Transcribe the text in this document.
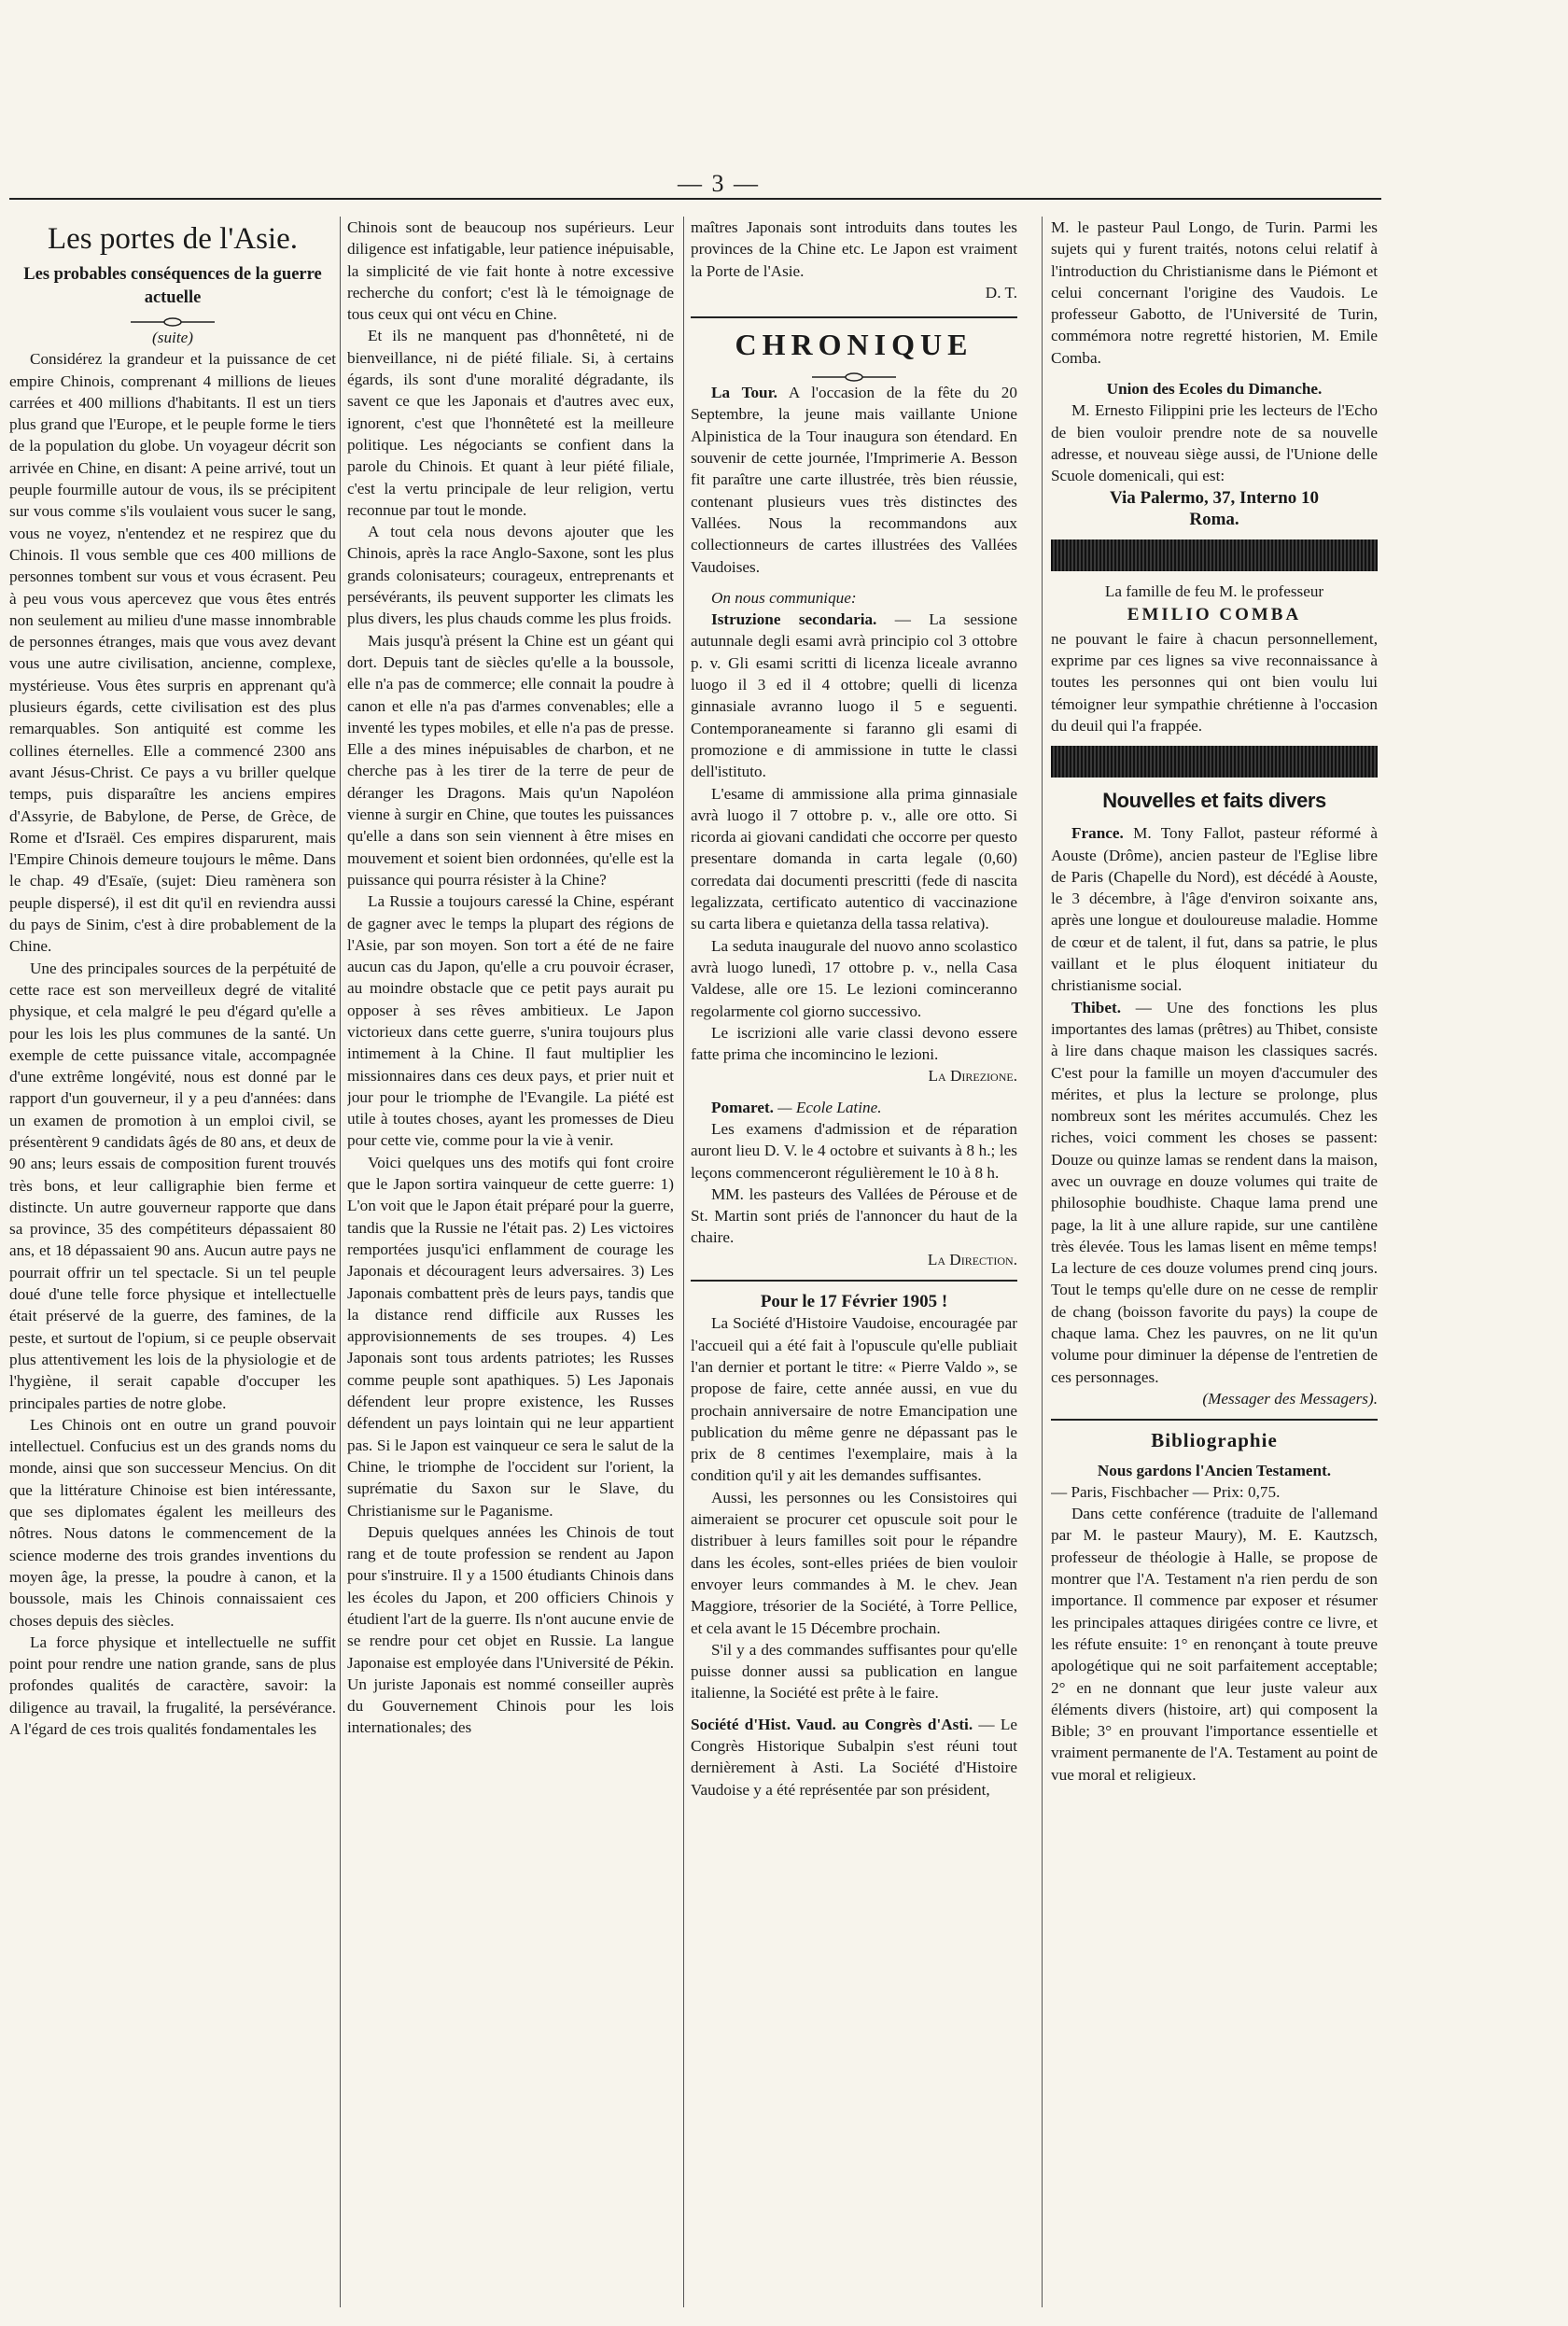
— 3 —

Les portes de l'Asie.

Les probables conséquences de la guerre actuelle

(suite)

Considérez la grandeur et la puissance de cet empire Chinois, comprenant 4 millions de lieues carrées et 400 millions d'habitants. Il est un tiers plus grand que l'Europe, et le peuple forme le tiers de la population du globe. Un voyageur décrit son arrivée en Chine, en disant: A peine arrivé, tout un peuple fourmille autour de vous, ils se précipitent sur vous comme s'ils voulaient vous sucer le sang, vous ne voyez, n'entendez et ne respirez que du Chinois. Il vous semble que ces 400 millions de personnes tombent sur vous et vous écrasent. Peu à peu vous vous apercevez que vous êtes entrés non seulement au milieu d'une masse innombrable de personnes étranges, mais que vous avez devant vous une autre civilisation, ancienne, complexe, mystérieuse. Vous êtes surpris en apprenant qu'à plusieurs égards, cette civilisation est des plus remarquables. Son antiquité est comme les collines éternelles. Elle a commencé 2300 ans avant Jésus-Christ. Ce pays a vu briller quelque temps, puis disparaître les anciens empires d'Assyrie, de Babylone, de Perse, de Grèce, de Rome et d'Israël. Ces empires disparurent, mais l'Empire Chinois demeure toujours le même. Dans le chap. 49 d'Esaïe, (sujet: Dieu ramènera son peuple dispersé), il est dit qu'il en reviendra aussi du pays de Sinim, c'est à dire probablement de la Chine.

Une des principales sources de la perpétuité de cette race est son merveilleux degré de vitalité physique, et cela malgré le peu d'égard qu'elle a pour les lois les plus communes de la santé. Un exemple de cette puissance vitale, accompagnée d'une extrême longévité, nous est donné par le rapport d'un gouverneur, il y a peu d'années: dans un examen de promotion à un emploi civil, se présentèrent 9 candidats âgés de 80 ans, et deux de 90 ans; leurs essais de composition furent trouvés très bons, et leur calligraphie bien ferme et distincte. Un autre gouverneur rapporte que dans sa province, 35 des compétiteurs dépassaient 80 ans, et 18 dépassaient 90 ans. Aucun autre pays ne pourrait offrir un tel spectacle. Si un tel peuple doué d'une telle force physique et intellectuelle était préservé de la guerre, des famines, de la peste, et surtout de l'opium, si ce peuple observait plus attentivement les lois de la physiologie et de l'hygiène, il serait capable d'occuper les principales parties de notre globe.

Les Chinois ont en outre un grand pouvoir intellectuel. Confucius est un des grands noms du monde, ainsi que son successeur Mencius. On dit que la littérature Chinoise est bien intéressante, que ses diplomates égalent les meilleurs des nôtres. Nous datons le commencement de la science moderne des trois grandes inventions du moyen âge, la presse, la poudre à canon, et la boussole, mais les Chinois connaissaient ces choses depuis des siècles.

La force physique et intellectuelle ne suffit point pour rendre une nation grande, sans de plus profondes qualités de caractère, savoir: la diligence au travail, la frugalité, la persévérance. A l'égard de ces trois qualités fondamentales les

Chinois sont de beaucoup nos supérieurs. Leur diligence est infatigable, leur patience inépuisable, la simplicité de vie fait honte à notre excessive recherche du confort; c'est là le témoignage de tous ceux qui ont vécu en Chine.

Et ils ne manquent pas d'honnêteté, ni de bienveillance, ni de piété filiale. Si, à certains égards, ils sont d'une moralité dégradante, ils savent ce que les Japonais et d'autres avec eux, ignorent, c'est que l'honnêteté est la meilleure politique. Les négociants se confient dans la parole du Chinois. Et quant à leur piété filiale, c'est la vertu principale de leur religion, vertu reconnue par tout le monde.

A tout cela nous devons ajouter que les Chinois, après la race Anglo-Saxone, sont les plus grands colonisateurs; courageux, entreprenants et persévérants, ils peuvent supporter les climats les plus divers, les plus chauds comme les plus froids.

Mais jusqu'à présent la Chine est un géant qui dort. Depuis tant de siècles qu'elle a la boussole, elle n'a pas de commerce; elle connait la poudre à canon et elle n'a pas d'armes convenables; elle a inventé les types mobiles, et elle n'a pas de presse. Elle a des mines inépuisables de charbon, et ne cherche pas à les tirer de la terre de peur de déranger les Dragons. Mais qu'un Napoléon vienne à surgir en Chine, que toutes les puissances qu'elle a dans son sein viennent à être mises en mouvement et soient bien ordonnées, qu'elle est la puissance qui pourra résister à la Chine?

La Russie a toujours caressé la Chine, espérant de gagner avec le temps la plupart des régions de l'Asie, par son moyen. Son tort a été de ne faire aucun cas du Japon, qu'elle a cru pouvoir écraser, au moindre obstacle que ce petit pays aurait pu opposer à ses rêves ambitieux. Le Japon victorieux dans cette guerre, s'unira toujours plus intimement à la Chine. Il faut multiplier les missionnaires dans ces deux pays, et prier nuit et jour pour le triomphe de l'Evangile. La piété est utile à toutes choses, ayant les promesses de Dieu pour cette vie, comme pour la vie à venir.

Voici quelques uns des motifs qui font croire que le Japon sortira vainqueur de cette guerre: 1) L'on voit que le Japon était préparé pour la guerre, tandis que la Russie ne l'était pas. 2) Les victoires remportées jusqu'ici enflamment de courage les Japonais et découragent leurs adversaires. 3) Les Japonais combattent près de leurs pays, tandis que la distance rend difficile aux Russes les approvisionnements de ses troupes. 4) Les Japonais sont tous ardents patriotes; les Russes comme peuple sont apathiques. 5) Les Japonais défendent leur propre existence, les Russes défendent un pays lointain qui ne leur appartient pas. Si le Japon est vainqueur ce sera le salut de la Chine, le triomphe de l'occident sur l'orient, la suprématie du Saxon sur le Slave, du Christianisme sur le Paganisme.

Depuis quelques années les Chinois de tout rang et de toute profession se rendent au Japon pour s'instruire. Il y a 1500 étudiants Chinois dans les écoles du Japon, et 200 officiers Chinois y étudient l'art de la guerre. Ils n'ont aucune envie de se rendre pour cet objet en Russie. La langue Japonaise est employée dans l'Université de Pékin. Un juriste Japonais est nommé conseiller auprès du Gouvernement Chinois pour les lois internationales; des

maîtres Japonais sont introduits dans toutes les provinces de la Chine etc. Le Japon est vraiment la Porte de l'Asie.

D. T.

CHRONIQUE

La Tour. A l'occasion de la fête du 20 Septembre, la jeune mais vaillante Unione Alpinistica de la Tour inaugura son étendard. En souvenir de cette journée, l'Imprimerie A. Besson fit paraître une carte illustrée, très bien réussie, contenant plusieurs vues très distinctes des Vallées. Nous la recommandons aux collectionneurs de cartes illustrées des Vallées Vaudoises.

On nous communique:

Istruzione secondaria. — La sessione autunnale degli esami avrà principio col 3 ottobre p. v. Gli esami scritti di licenza liceale avranno luogo il 3 ed il 4 ottobre; quelli di licenza ginnasiale avranno luogo il 5 e seguenti. Contemporaneamente si faranno gli esami di promozione e di ammissione in tutte le classi dell'istituto.

L'esame di ammissione alla prima ginnasiale avrà luogo il 7 ottobre p. v., alle ore otto. Si ricorda ai giovani candidati che occorre per questo presentare domanda in carta legale (0,60) corredata dai documenti prescritti (fede di nascita legalizzata, certificato autentico di vaccinazione su carta libera e quietanza della tassa relativa).

La seduta inaugurale del nuovo anno scolastico avrà luogo lunedì, 17 ottobre p. v., nella Casa Valdese, alle ore 15. Le lezioni cominceranno regolarmente col giorno successivo.

Le iscrizioni alle varie classi devono essere fatte prima che incomincino le lezioni.

La Direzione.

Pomaret. — Ecole Latine.

Les examens d'admission et de réparation auront lieu D. V. le 4 octobre et suivants à 8 h.; les leçons commenceront régulièrement le 10 à 8 h.

MM. les pasteurs des Vallées de Pérouse et de St. Martin sont priés de l'annoncer du haut de la chaire.

La Direction.

Pour le 17 Février 1905 !

La Société d'Histoire Vaudoise, encouragée par l'accueil qui a été fait à l'opuscule qu'elle publiait l'an dernier et portant le titre: « Pierre Valdo », se propose de faire, cette année aussi, en vue du prochain anniversaire de notre Emancipation une publication du même genre ne dépassant pas le prix de 8 centimes l'exemplaire, mais à la condition qu'il y ait les demandes suffisantes.

Aussi, les personnes ou les Consistoires qui aimeraient se procurer cet opuscule soit pour le distribuer à leurs familles soit pour le répandre dans les écoles, sont-elles priées de bien vouloir envoyer leurs commandes à M. le chev. Jean Maggiore, trésorier de la Société, à Torre Pellice, et cela avant le 15 Décembre prochain.

S'il y a des commandes suffisantes pour qu'elle puisse donner aussi sa publication en langue italienne, la Société est prête à le faire.

Société d'Hist. Vaud. au Congrès d'Asti. — Le Congrès Historique Subalpin s'est réuni tout dernièrement à Asti. La Société d'Histoire Vaudoise y a été représentée par son président,

M. le pasteur Paul Longo, de Turin. Parmi les sujets qui y furent traités, notons celui relatif à l'introduction du Christianisme dans le Piémont et celui concernant l'origine des Vaudois. Le professeur Gabotto, de l'Université de Turin, commémora notre regretté historien, M. Emile Comba.

Union des Ecoles du Dimanche.

M. Ernesto Filippini prie les lecteurs de l'Echo de bien vouloir prendre note de sa nouvelle adresse, et nouveau siège aussi, de l'Unione delle Scuole domenicali, qui est:

Via Palermo, 37, Interno 10

Roma.

La famille de feu M. le professeur

EMILIO COMBA

ne pouvant le faire à chacun personnellement, exprime par ces lignes sa vive reconnaissance à toutes les personnes qui ont bien voulu lui témoigner leur sympathie chrétienne à l'occasion du deuil qui l'a frappée.

Nouvelles et faits divers

France. M. Tony Fallot, pasteur réformé à Aouste (Drôme), ancien pasteur de l'Eglise libre de Paris (Chapelle du Nord), est décédé à Aouste, le 3 décembre, à l'âge d'environ soixante ans, après une longue et douloureuse maladie. Homme de cœur et de talent, il fut, dans sa patrie, le plus vaillant et le plus éloquent initiateur du christianisme social.

Thibet. — Une des fonctions les plus importantes des lamas (prêtres) au Thibet, consiste à lire dans chaque maison les classiques sacrés. C'est pour la famille un moyen d'accumuler des mérites, et plus la lecture se prolonge, plus nombreux sont les mérites accumulés. Chez les riches, voici comment les choses se passent: Douze ou quinze lamas se rendent dans la maison, avec un ouvrage en douze volumes qui traite de philosophie boudhiste. Chaque lama prend une page, la lit à une allure rapide, sur une cantilène très élevée. Tous les lamas lisent en même temps! La lecture de ces douze volumes prend cinq jours. Tout le temps qu'elle dure on ne cesse de remplir de chang (boisson favorite du pays) la coupe de chaque lama. Chez les pauvres, on ne lit qu'un volume pour diminuer la dépense de l'entretien de ces personnages.

(Messager des Messagers).

Bibliographie

Nous gardons l'Ancien Testament.

— Paris, Fischbacher — Prix: 0,75.

Dans cette conférence (traduite de l'allemand par M. le pasteur Maury), M. E. Kautzsch, professeur de théologie à Halle, se propose de montrer que l'A. Testament n'a rien perdu de son importance. Il commence par exposer et résumer les principales attaques dirigées contre ce livre, et les réfute ensuite: 1° en renonçant à toute preuve apologétique qui ne soit parfaitement acceptable; 2° en ne donnant que leur juste valeur aux éléments divers (histoire, art) qui composent la Bible; 3° en prouvant l'importance essentielle et vraiment permanente de l'A. Testament au point de vue moral et religieux.
